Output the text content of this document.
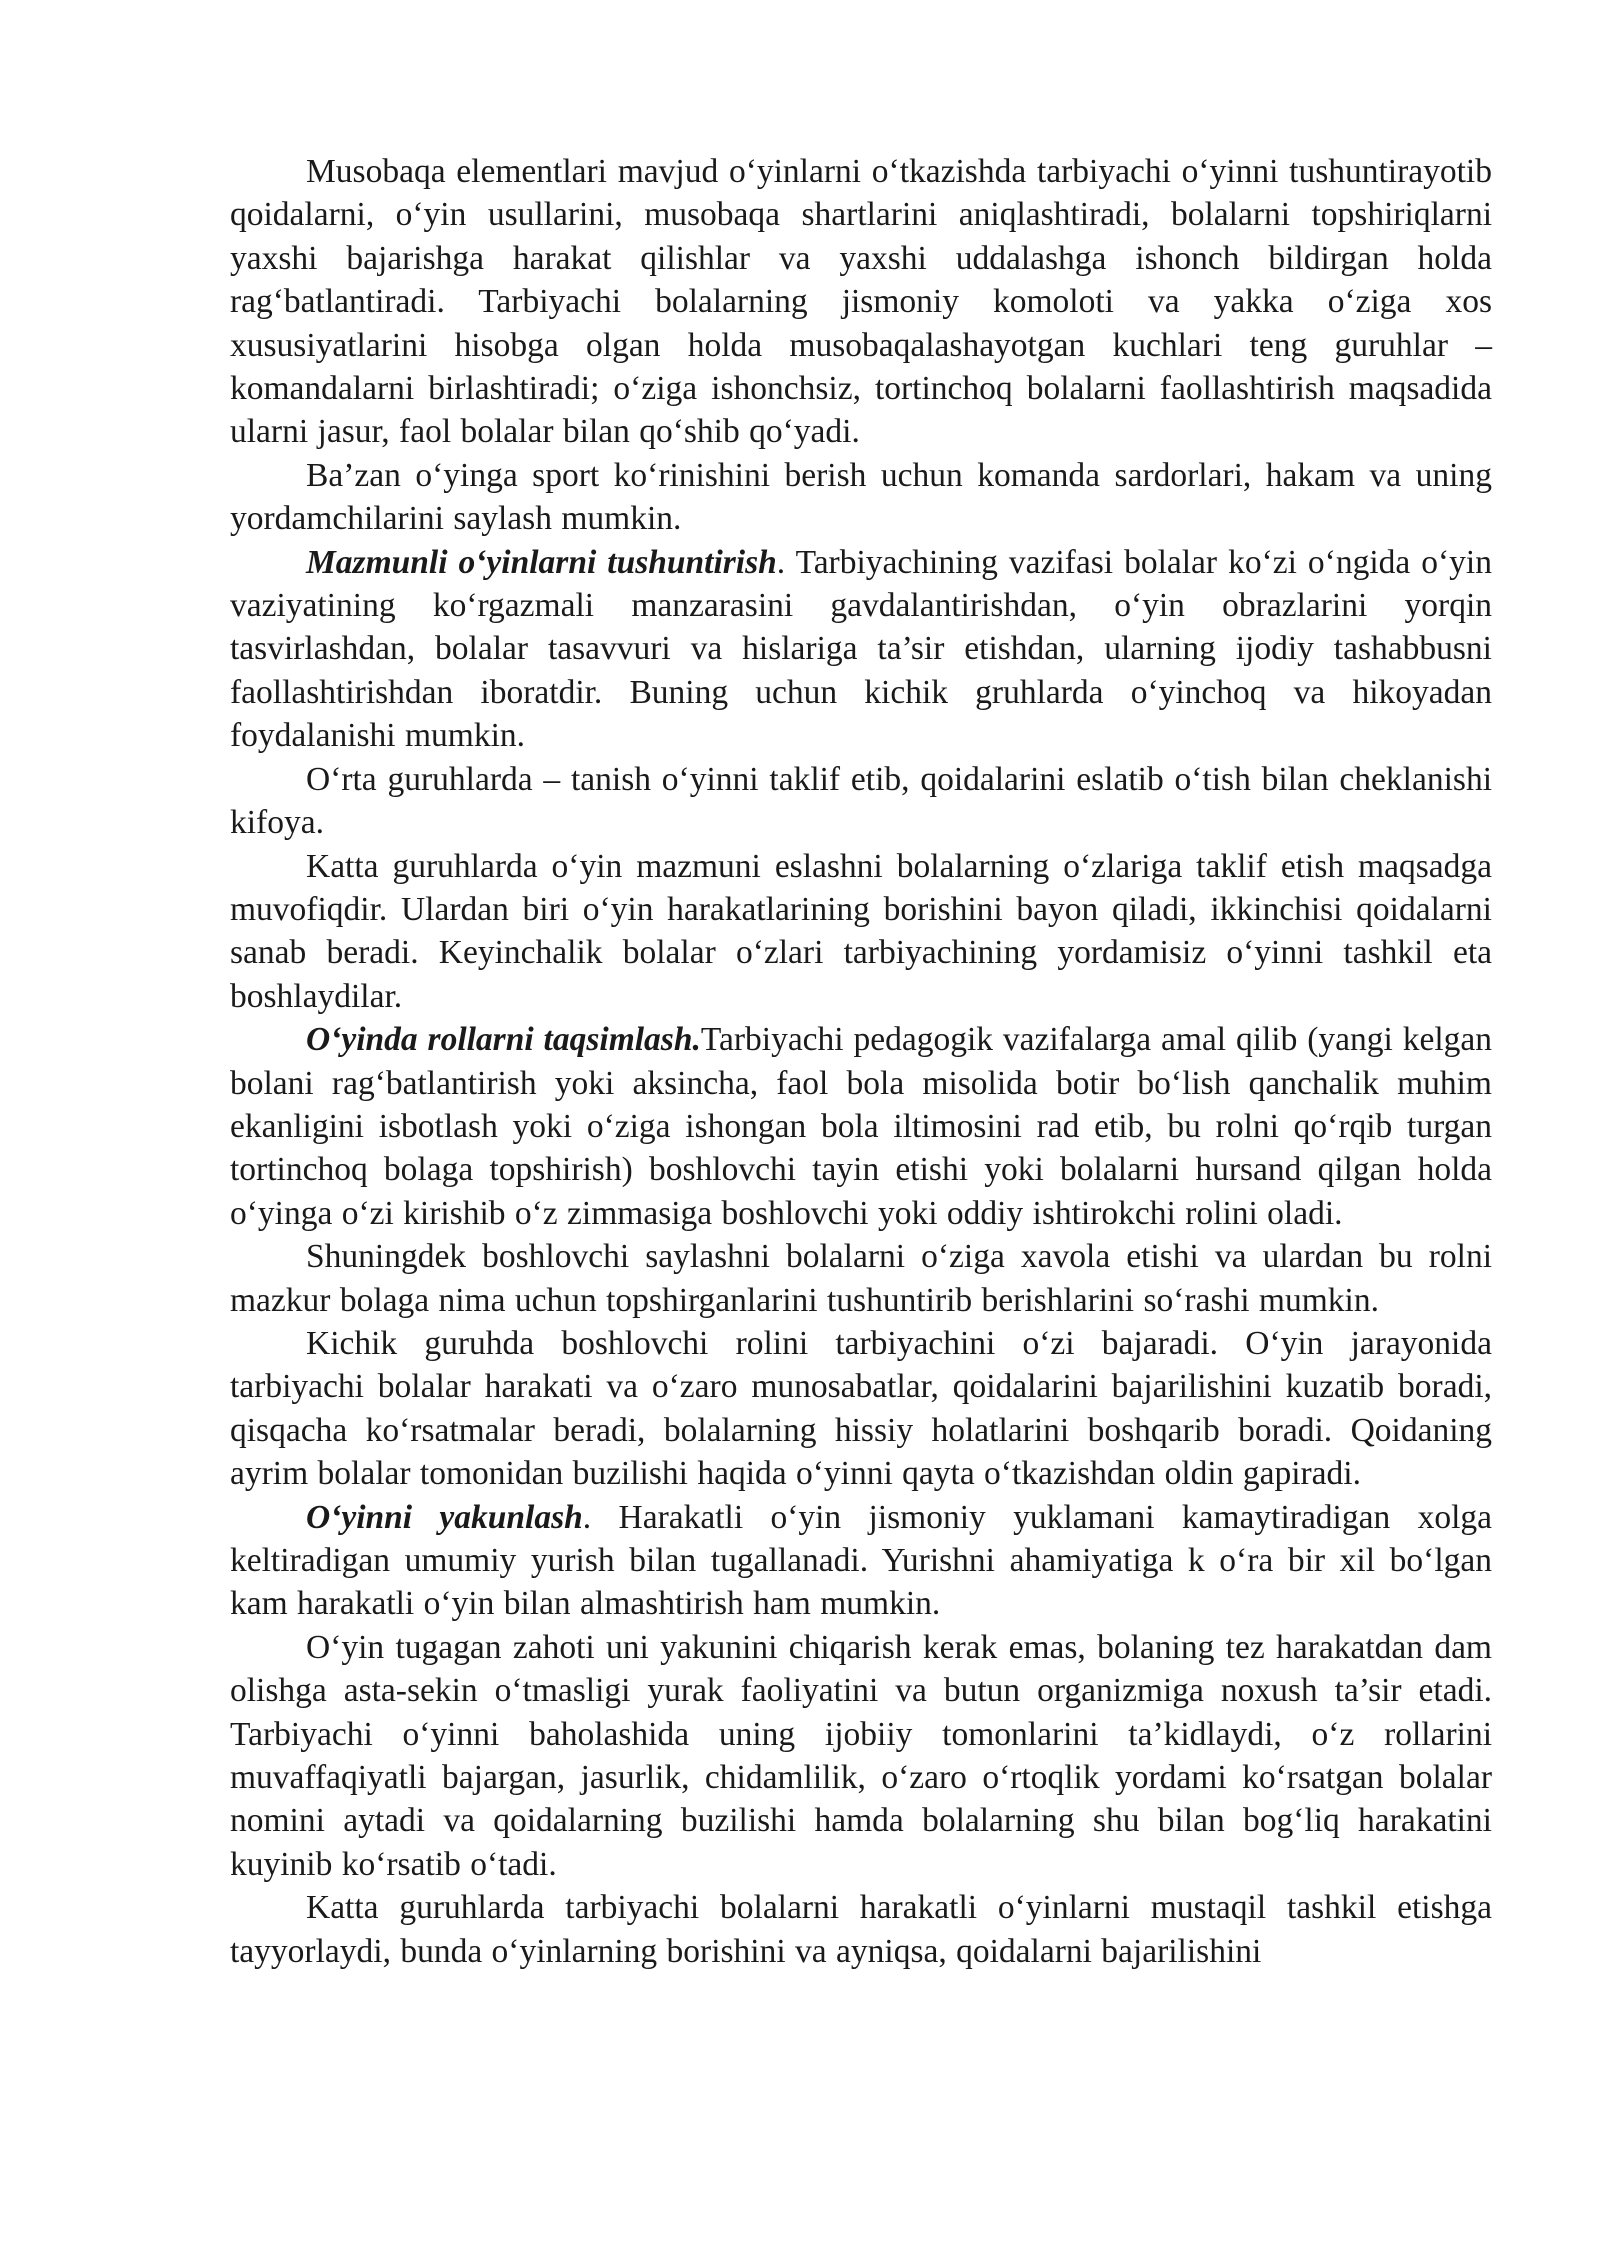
Musobaqa elementlari mavjud o‘yinlarni o‘tkazishda tarbiyachi o‘yinni tushuntirayotib qoidalarni, o‘yin usullarini, musobaqa shartlarini aniqlashtiradi, bolalarni topshiriqlarni yaxshi bajarishga harakat qilishlar va yaxshi uddalashga ishonch bildirgan holda rag‘batlantiradi. Tarbiyachi bolalarning jismoniy komoloti va yakka o‘ziga xos xususiyatlarini hisobga olgan holda musobaqalashayotgan kuchlari teng guruhlar – komandalarni birlashtiradi; o‘ziga ishonchsiz, tortinchoq bolalarni faollashtirish maqsadida ularni jasur, faol bolalar bilan qo‘shib qo‘yadi.

Ba’zan o‘yinga sport ko‘rinishini berish uchun komanda sardorlari, hakam va uning yordamchilarini saylash mumkin.

Mazmunli o‘yinlarni tushuntirish. Tarbiyachining vazifasi bolalar ko‘zi o‘ngida o‘yin vaziyatining ko‘rgazmali manzarasini gavdalantirishdan, o‘yin obrazlarini yorqin tasvirlashdan, bolalar tasavvuri va hislariga ta’sir etishdan, ularning ijodiy tashabbusni faollashtirishdan iboratdir. Buning uchun kichik gruhlarda o‘yinchoq va hikoyadan foydalanishi mumkin.

O‘rta guruhlarda – tanish o‘yinni taklif etib, qoidalarini eslatib o‘tish bilan cheklanishi kifoya.

Katta guruhlarda o‘yin mazmuni eslashni bolalarning o‘zlariga taklif etish maqsadga muvofiqdir. Ulardan biri o‘yin harakatlarining borishini bayon qiladi, ikkinchisi qoidalarni sanab beradi. Keyinchalik bolalar o‘zlari tarbiyachining yordamisiz o‘yinni tashkil eta boshlaydilar.

O‘yinda rollarni taqsimlash.Tarbiyachi pedagogik vazifalarga amal qilib (yangi kelgan bolani rag‘batlantirish yoki aksincha, faol bola misolida botir bo‘lish qanchalik muhim ekanligini isbotlash yoki o‘ziga ishongan bola iltimosini rad etib, bu rolni qo‘rqib turgan tortinchoq bolaga topshirish) boshlovchi tayin etishi yoki bolalarni hursand qilgan holda o‘yinga o‘zi kirishib o‘z zimmasiga boshlovchi yoki oddiy ishtirokchi rolini oladi.

Shuningdek boshlovchi saylashni bolalarni o‘ziga xavola etishi va ulardan bu rolni mazkur bolaga nima uchun topshirganlarini tushuntirib berishlarini so‘rashi mumkin.

Kichik guruhda boshlovchi rolini tarbiyachini o‘zi bajaradi. O‘yin jarayonida tarbiyachi bolalar harakati va o‘zaro munosabatlar, qoidalarini bajarilishini kuzatib boradi, qisqacha ko‘rsatmalar beradi, bolalarning hissiy holatlarini boshqarib boradi. Qoidaning ayrim bolalar tomonidan buzilishi haqida o‘yinni qayta o‘tkazishdan oldin gapiradi.

O‘yinni yakunlash. Harakatli o‘yin jismoniy yuklamani kamaytiradigan xolga keltiradigan umumiy yurish bilan tugallanadi. Yurishni ahamiyatiga k o‘ra bir xil bo‘lgan kam harakatli o‘yin bilan almashtirish ham mumkin.

O‘yin tugagan zahoti uni yakunini chiqarish kerak emas, bolaning tez harakatdan dam olishga asta-sekin o‘tmasligi yurak faoliyatini va butun organizmiga noxush ta’sir etadi. Tarbiyachi o‘yinni baholashida uning ijobiiy tomonlarini ta’kidlaydi, o‘z rollarini muvaffaqiyatli bajargan, jasurlik, chidamlilik, o‘zaro o‘rtoqlik yordami ko‘rsatgan bolalar nomini aytadi va qoidalarning buzilishi hamda bolalarning shu bilan bog‘liq harakatini kuyinib ko‘rsatib o‘tadi.

Katta guruhlarda tarbiyachi bolalarni harakatli o‘yinlarni mustaqil tashkil etishga tayyorlaydi, bunda o‘yinlarning borishini va ayniqsa, qoidalarni bajarilishini
